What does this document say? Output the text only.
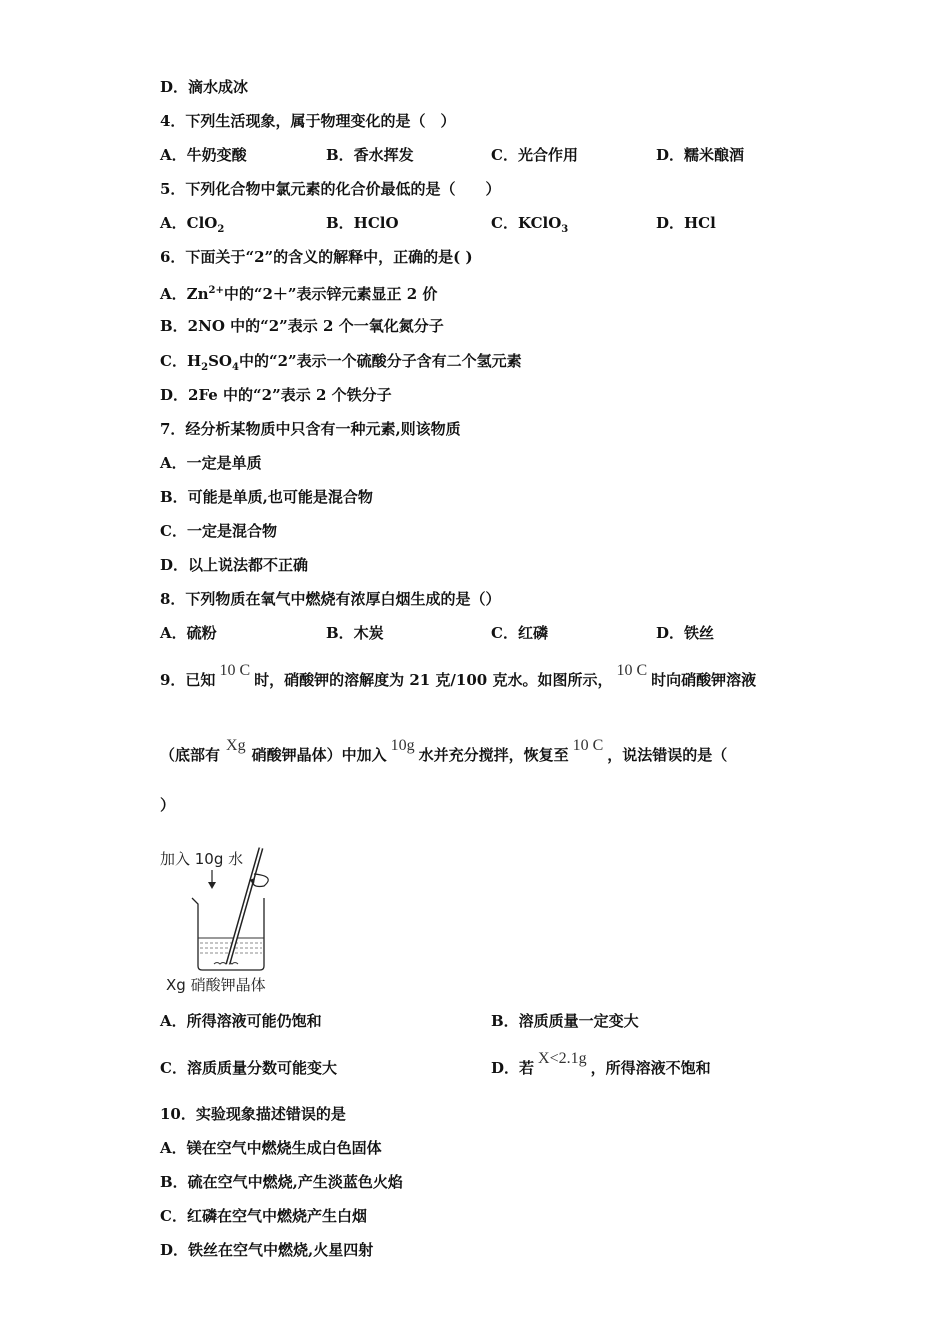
D．滴水成冰
4．下列生活现象，属于物理变化的是（　）
A．牛奶变酸	B．香水挥发	C．光合作用	D．糯米酿酒
5．下列化合物中氯元素的化合价最低的是（　　）
A．ClO$_2$	B．HClO	C．KClO$_3$	D．HCl
6．下面关于“2”的含义的解释中，正确的是( )
A．$Zn^{2+}$中的“2＋”表示锌元素显正 2 价
B．2NO 中的“2”表示 2 个一氧化氮分子
C．$H_2SO_4$中的“2”表示一个硫酸分子含有二个氢元素
D．2Fe 中的“2”表示 2 个铁分子
7．经分析某物质中只含有一种元素,则该物质
A．一定是单质
B．可能是单质,也可能是混合物
C．一定是混合物
D．以上说法都不正确
8．下列物质在氧气中燃烧有浓厚白烟生成的是（）
A．硫粉	B．木炭	C．红磷	D．铁丝
9．已知10 C时，硝酸钾的溶解度为 21 克/100 克水。如图所示，10 C时向硝酸钾溶液
（底部有Xg硝酸钾晶体）中加入10g水并充分搅拌，恢复至10 C，说法错误的是（
）
加入 10g 水
Xg 硝酸钾晶体
A．所得溶液可能仍饱和	B．溶质质量一定变大
C．溶质质量分数可能变大	D．若X<2.1g，所得溶液不饱和
10．实验现象描述错误的是
A．镁在空气中燃烧生成白色固体
B．硫在空气中燃烧,产生淡蓝色火焰
C．红磷在空气中燃烧产生白烟
D．铁丝在空气中燃烧,火星四射
